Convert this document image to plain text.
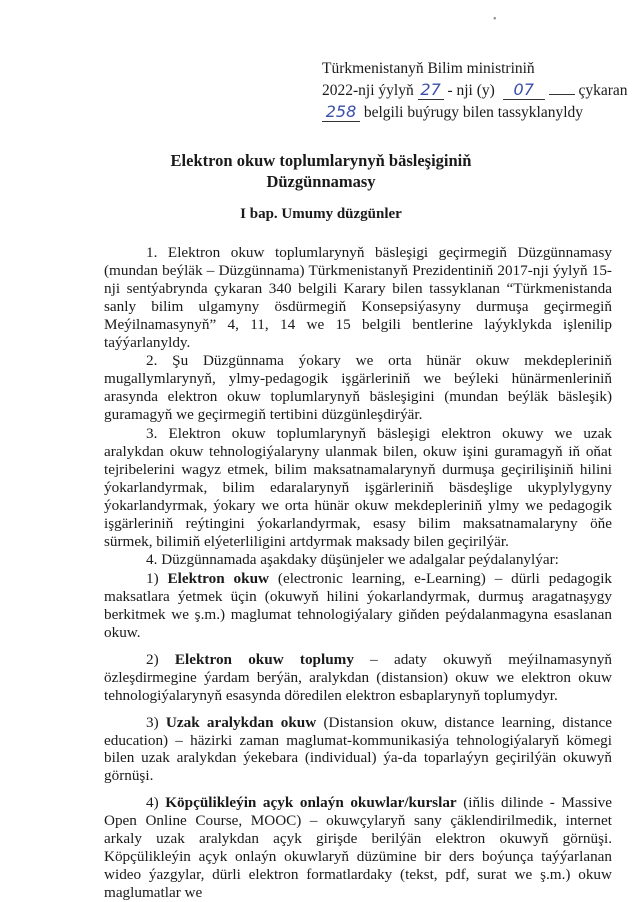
•
Türkmenistanyň Bilim ministriniň
2022-nji ýylyň 27 - nji (y) 07	çykaran
258 belgili buýrugy bilen tassyklanyldy
Elektron okuw toplumlarynyň bäsleşiginiň
Düzgünnamasy
I bap. Umumy düzgünler

1. Elektron okuw toplumlarynyň bäsleşigi geçirmegiň Düzgünnamasy (mundan beýläk – Düzgünnama) Türkmenistanyň Prezidentiniň 2017-nji ýylyň 15-nji sentýabrynda çykaran 340 belgili Karary bilen tassyklanan “Türkmenistanda sanly bilim ulgamyny ösdürmegiň Konsepsiýasyny durmuşa geçirmegiň Meýilnamasynyň” 4, 11, 14 we 15 belgili bentlerine laýyklykda işlenilip taýýarlanyldy.

2. Şu Düzgünnama ýokary we orta hünär okuw mekdepleriniň mugallymlarynyň, ylmy-pedagogik işgärleriniň we beýleki hünärmenleriniň arasynda elektron okuw toplumlarynyň bäsleşigini (mundan beýläk bäsleşik) guramagyň we geçirmegiň tertibini düzgünleşdirýär.

3. Elektron okuw toplumlarynyň bäsleşigi elektron okuwy we uzak aralykdan okuw tehnologiýalaryny ulanmak bilen, okuw işini guramagyň iň oňat tejribelerini wagyz etmek, bilim maksatnamalarynyň durmuşa geçirilişiniň hilini ýokarlandyrmak, bilim edaralarynyň işgärleriniň bäsdeşlige ukyplylygyny ýokarlandyrmak, ýokary we orta hünär okuw mekdepleriniň ylmy we pedagogik işgärleriniň reýtingini ýokarlandyrmak, esasy bilim maksatnamalaryny öňe sürmek, bilimiň elýeterliligini artdyrmak maksady bilen geçirilýär.

4. Düzgünnamada aşakdaky düşünjeler we adalgalar peýdalanylýar:

1) Elektron okuw (electronic learning, e-Learning) – dürli pedagogik maksatlara ýetmek üçin (okuwyň hilini ýokarlandyrmak, durmuş aragatnaşygy berkitmek we ş.m.) maglumat tehnologiýalary giňden peýdalanmagyna esaslanan okuw.

2) Elektron okuw toplumy – adaty okuwyň meýilnamasynyň özleşdirmegine ýardam berýän, aralykdan (distansion) okuw we elektron okuw tehnologiýalarynyň esasynda döredilen elektron esbaplarynyň toplumydyr.

3) Uzak aralykdan okuw (Distansion okuw, distance learning, distance education) – häzirki zaman maglumat-kommunikasiýa tehnologiýalaryň kömegi bilen uzak aralykdan ýekebara (individual) ýa-da toparlaýyn geçirilýän okuwyň görnüşi.

4) Köpçülikleýin açyk onlaýn okuwlar/kurslar (iňlis dilinde - Massive Open Online Course, MOOC) – okuwçylaryň sany çäklendirilmedik, internet arkaly uzak aralykdan açyk girişde berilýän elektron okuwyň görnüşi. Köpçülikleýin açyk onlaýn okuwlaryň düzümine bir ders boýunça taýýarlanan wideo ýazgylar, dürli elektron formatlardaky (tekst, pdf, surat we ş.m.) okuw maglumatlar we
